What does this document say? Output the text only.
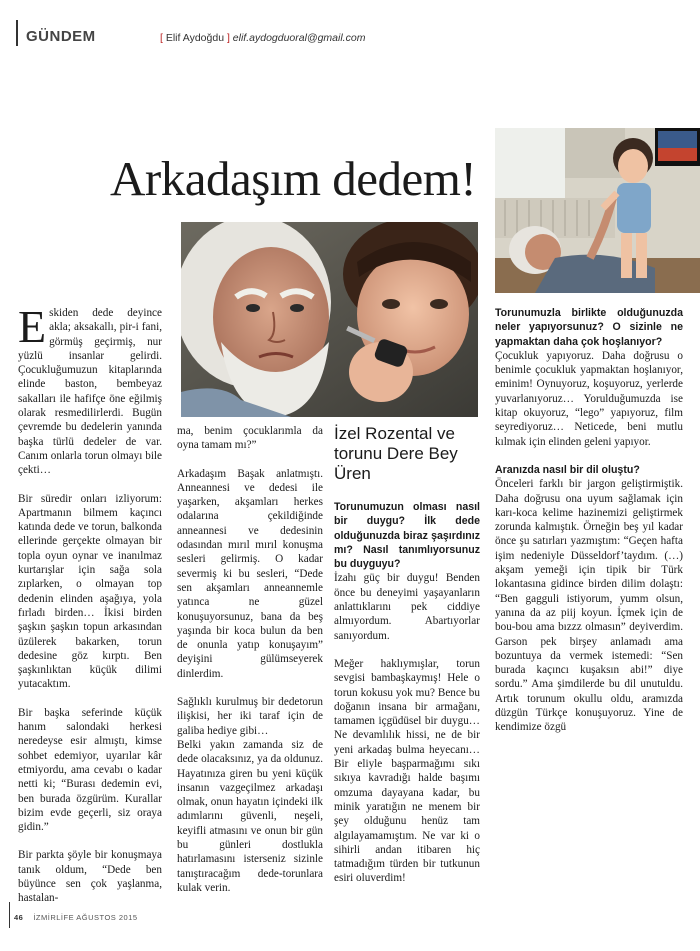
GÜNDEM	[ Elif Aydoğdu ] elif.aydogduoral@gmail.com
Arkadaşım dedem!
İzel Rozental ve torunu Dere Bey Üren

Eskiden dede deyince akla; aksakallı, pir-i fani, görmüş geçirmiş, nur yüzlü insanlar gelirdi. Çocukluğumuzun kitaplarında elinde baston, bembeyaz sakalları ile hafifçe öne eğilmiş olarak resmedilirlerdi. Bugün çevremde bu dedelerin yanında başka türlü dedeler de var. Canım onlarla torun olmayı bile çekti…

Bir süredir onları izliyorum: Apartmanın bilmem kaçıncı katında dede ve torun, balkonda ellerinde gerçekte olmayan bir topla oyun oynar ve inanılmaz kurtarışlar için sağa sola zıplarken, o olmayan top dedenin elinden aşağıya, yola fırladı birden… İkisi birden şaşkın şaşkın topun arkasından üzülerek bakarken, torun dedesine göz kırptı. Ben şaşkınlıktan küçük dilimi yutacaktım.

Bir başka seferinde küçük hanım salondaki herkesi neredeyse esir almıştı, kimse sohbet edemiyor, uyarılar kâr etmiyordu, ama cevabı o kadar netti ki; “Burası dedemin evi, ben burada özgürüm. Kurallar bizim evde geçerli, siz oraya gidin.”

Bir parkta şöyle bir konuşmaya tanık oldum, “Dede ben büyünce sen çok yaşlanma, hastalan-

ma, benim çocuklarımla da oyna tamam mı?”

Arkadaşım Başak anlatmıştı. Anneannesi ve dedesi ile yaşarken, akşamları herkes odalarına çekildiğinde anneannesi ve dedesinin odasından mırıl mırıl konuşma sesleri gelirmiş. O kadar severmiş ki bu sesleri, “Dede sen akşamları anneannemle yatınca ne güzel konuşuyorsunuz, bana da beş yaşında bir koca bulun da ben de onunla yatıp konuşayım” deyişini gülümseyerek dinlerdim.

Sağlıklı kurulmuş bir dedetorun ilişkisi, her iki taraf için de galiba hediye gibi…

Belki yakın zamanda siz de dede olacaksınız, ya da oldunuz. Hayatınıza giren bu yeni küçük insanın vazgeçilmez arkadaşı olmak, onun hayatın içindeki ilk adımlarını güvenli, neşeli, keyifli atmasını ve onun bir gün bu günleri dostlukla hatırlamasını isterseniz sizinle tanıştıracağım dede-torunlara kulak verin.

Torunumuzun olması nasıl bir duygu? İlk dede olduğunuzda biraz şaşırdınız mı? Nasıl tanımlıyorsunuz bu duyguyu?

İzahı güç bir duygu! Benden önce bu deneyimi yaşayanların anlattıklarını pek ciddiye almıyordum. Abartıyorlar sanıyordum.

Meğer haklıymışlar, torun sevgisi bambaşkaymış! Hele o torun kokusu yok mu? Bence bu doğanın insana bir armağanı, tamamen içgüdüsel bir duygu… Ne devamlılık hissi, ne de bir yeni arkadaş bulma heyecanı… Bir eliyle başparmağımı sıkı sıkıya kavradığı halde başımı omzuma dayayana kadar, bu minik yaratığın ne menem bir şey olduğunu henüz tam algılayamamıştım. Ne var ki o sihirli andan itibaren hiç tatmadığım türden bir tutkunun esiri oluverdim!

Torunumuzla birlikte olduğunuzda neler yapıyorsunuz? O sizinle ne yapmaktan daha çok hoşlanıyor?

Çocukluk yapıyoruz. Daha doğrusu o benimle çocukluk yapmaktan hoşlanıyor, eminim! Oynuyoruz, koşuyoruz, yerlerde yuvarlanıyoruz… Yorulduğumuzda ise kitap okuyoruz, “lego” yapıyoruz, film seyrediyoruz… Neticede, beni mutlu kılmak için elinden geleni yapıyor.

Aranızda nasıl bir dil oluştu?

Önceleri farklı bir jargon geliştirmiştik. Daha doğrusu ona uyum sağlamak için karı-koca kelime hazinemizi geliştirmek zorunda kalmıştık. Örneğin beş yıl kadar önce şu satırları yazmıştım: “Geçen hafta işim nedeniyle Düsseldorf’taydım. (…) akşam yemeği için tipik bir Türk lokantasına gidince birden dilim dolaştı: “Ben gagguli istiyorum, yumm olsun, yanına da az piij koyun. İçmek için de bou-bou ama bızzz olmasın” deyiverdim. Garson pek birşey anlamadı ama bozuntuya da vermek istemedi: “Sen burada kaçıncı kuşaksın abi!” diye sordu.” Ama şimdilerde bu dil unutuldu. Artık torunum okullu oldu, aramızda düzgün Türkçe konuşuyoruz. Yine de kendimize özgü

46 İZMİRLİFE AĞUSTOS 2015
